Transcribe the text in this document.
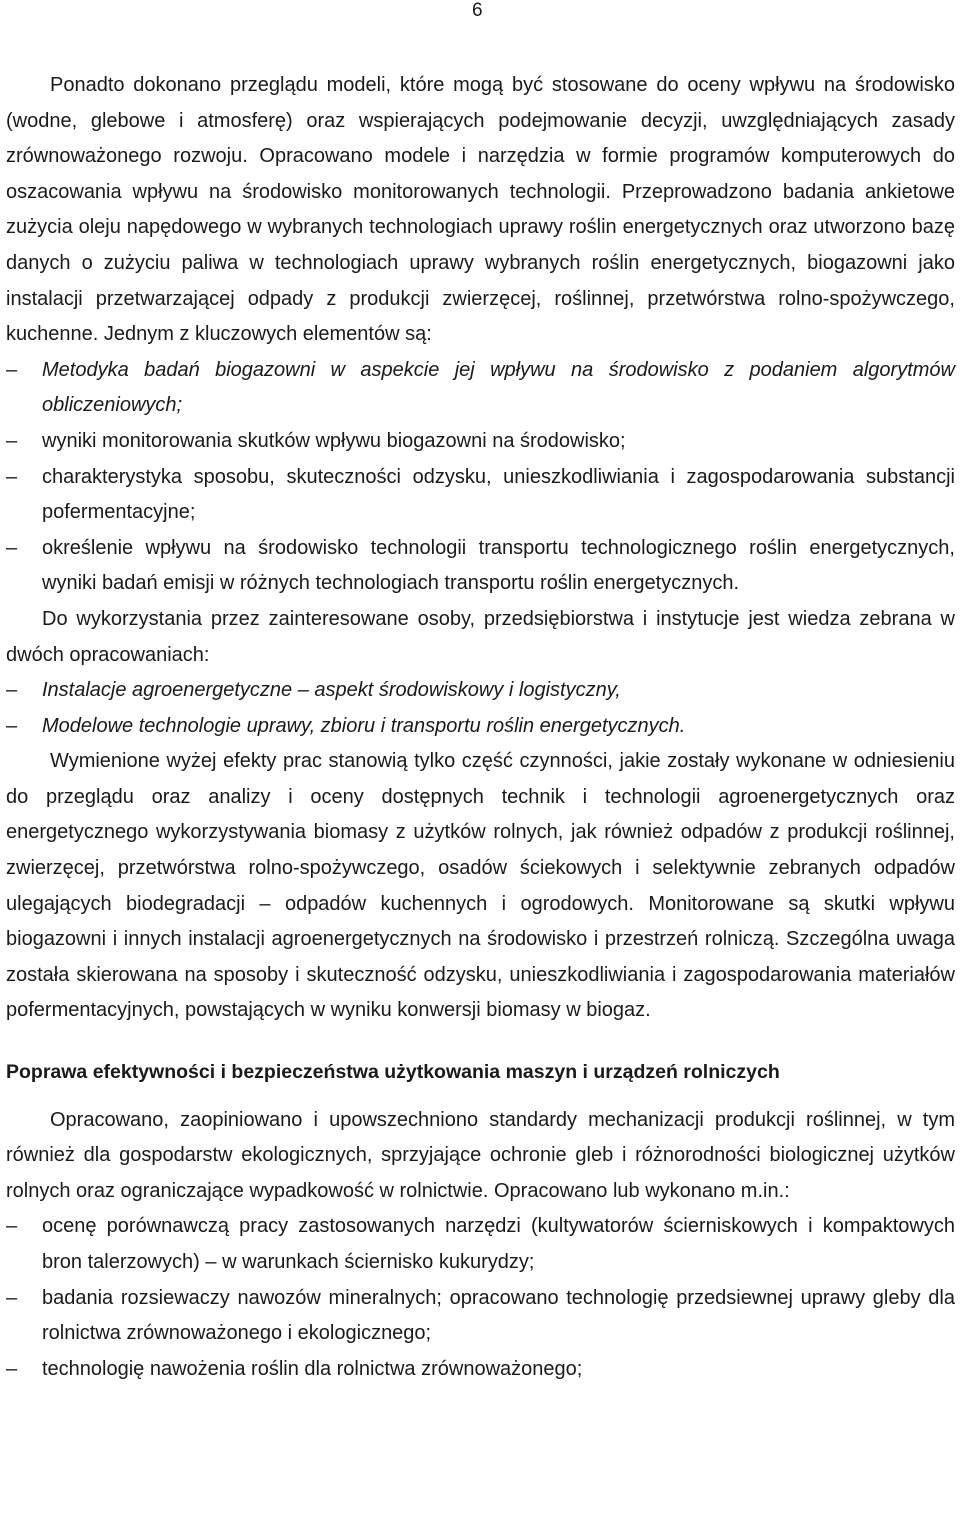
6

Ponadto dokonano przeglądu modeli, które mogą być stosowane do oceny wpływu na środowisko (wodne, glebowe i atmosferę) oraz wspierających podejmowanie decyzji, uwzględniających zasady zrównoważonego rozwoju. Opracowano modele i narzędzia w formie programów komputerowych do oszacowania wpływu na środowisko monitorowanych technologii. Przeprowadzono badania ankietowe zużycia oleju napędowego w wybranych technologiach uprawy roślin energetycznych oraz utworzono bazę danych o zużyciu paliwa w technologiach uprawy wybranych roślin energetycznych, biogazowni jako instalacji przetwarzającej odpady z produkcji zwierzęcej, roślinnej, przetwórstwa rolno-spożywczego, kuchenne. Jednym z kluczowych elementów są:

– Metodyka badań biogazowni w aspekcie jej wpływu na środowisko z podaniem algorytmów obliczeniowych;
– wyniki monitorowania skutków wpływu biogazowni na środowisko;
– charakterystyka sposobu, skuteczności odzysku, unieszkodliwiania i zagospodarowania substancji pofermentacyjne;
– określenie wpływu na środowisko technologii transportu technologicznego roślin energetycznych, wyniki badań emisji w różnych technologiach transportu roślin energetycznych.

Do wykorzystania przez zainteresowane osoby, przedsiębiorstwa i instytucje jest wiedza zebrana w dwóch opracowaniach:

– Instalacje agroenergetyczne – aspekt środowiskowy i logistyczny,
– Modelowe technologie uprawy, zbioru i transportu roślin energetycznych.

Wymienione wyżej efekty prac stanowią tylko część czynności, jakie zostały wykonane w odniesieniu do przeglądu oraz analizy i oceny dostępnych technik i technologii agroenergetycznych oraz energetycznego wykorzystywania biomasy z użytków rolnych, jak również odpadów z produkcji roślinnej, zwierzęcej, przetwórstwa rolno-spożywczego, osadów ściekowych i selektywnie zebranych odpadów ulegających biodegradacji – odpadów kuchennych i ogrodowych. Monitorowane są skutki wpływu biogazowni i innych instalacji agroenergetycznych na środowisko i przestrzeń rolniczą. Szczególna uwaga została skierowana na sposoby i skuteczność odzysku, unieszkodliwiania i zagospodarowania materiałów pofermentacyjnych, powstających w wyniku konwersji biomasy w biogaz.

Poprawa efektywności i bezpieczeństwa użytkowania maszyn i urządzeń rolniczych

Opracowano, zaopiniowano i upowszechniono standardy mechanizacji produkcji roślinnej, w tym również dla gospodarstw ekologicznych, sprzyjające ochronie gleb i różnorodności biologicznej użytków rolnych oraz ograniczające wypadkowość w rolnictwie. Opracowano lub wykonano m.in.:

– ocenę porównawczą pracy zastosowanych narzędzi (kultywatorów ścierniskowych i kompaktowych bron talerzowych) – w warunkach ściernisko kukurydzy;
– badania rozsiewaczy nawozów mineralnych; opracowano technologię przedsiewnej uprawy gleby dla rolnictwa zrównoważonego i ekologicznego;
– technologię nawożenia roślin dla rolnictwa zrównoważonego;
